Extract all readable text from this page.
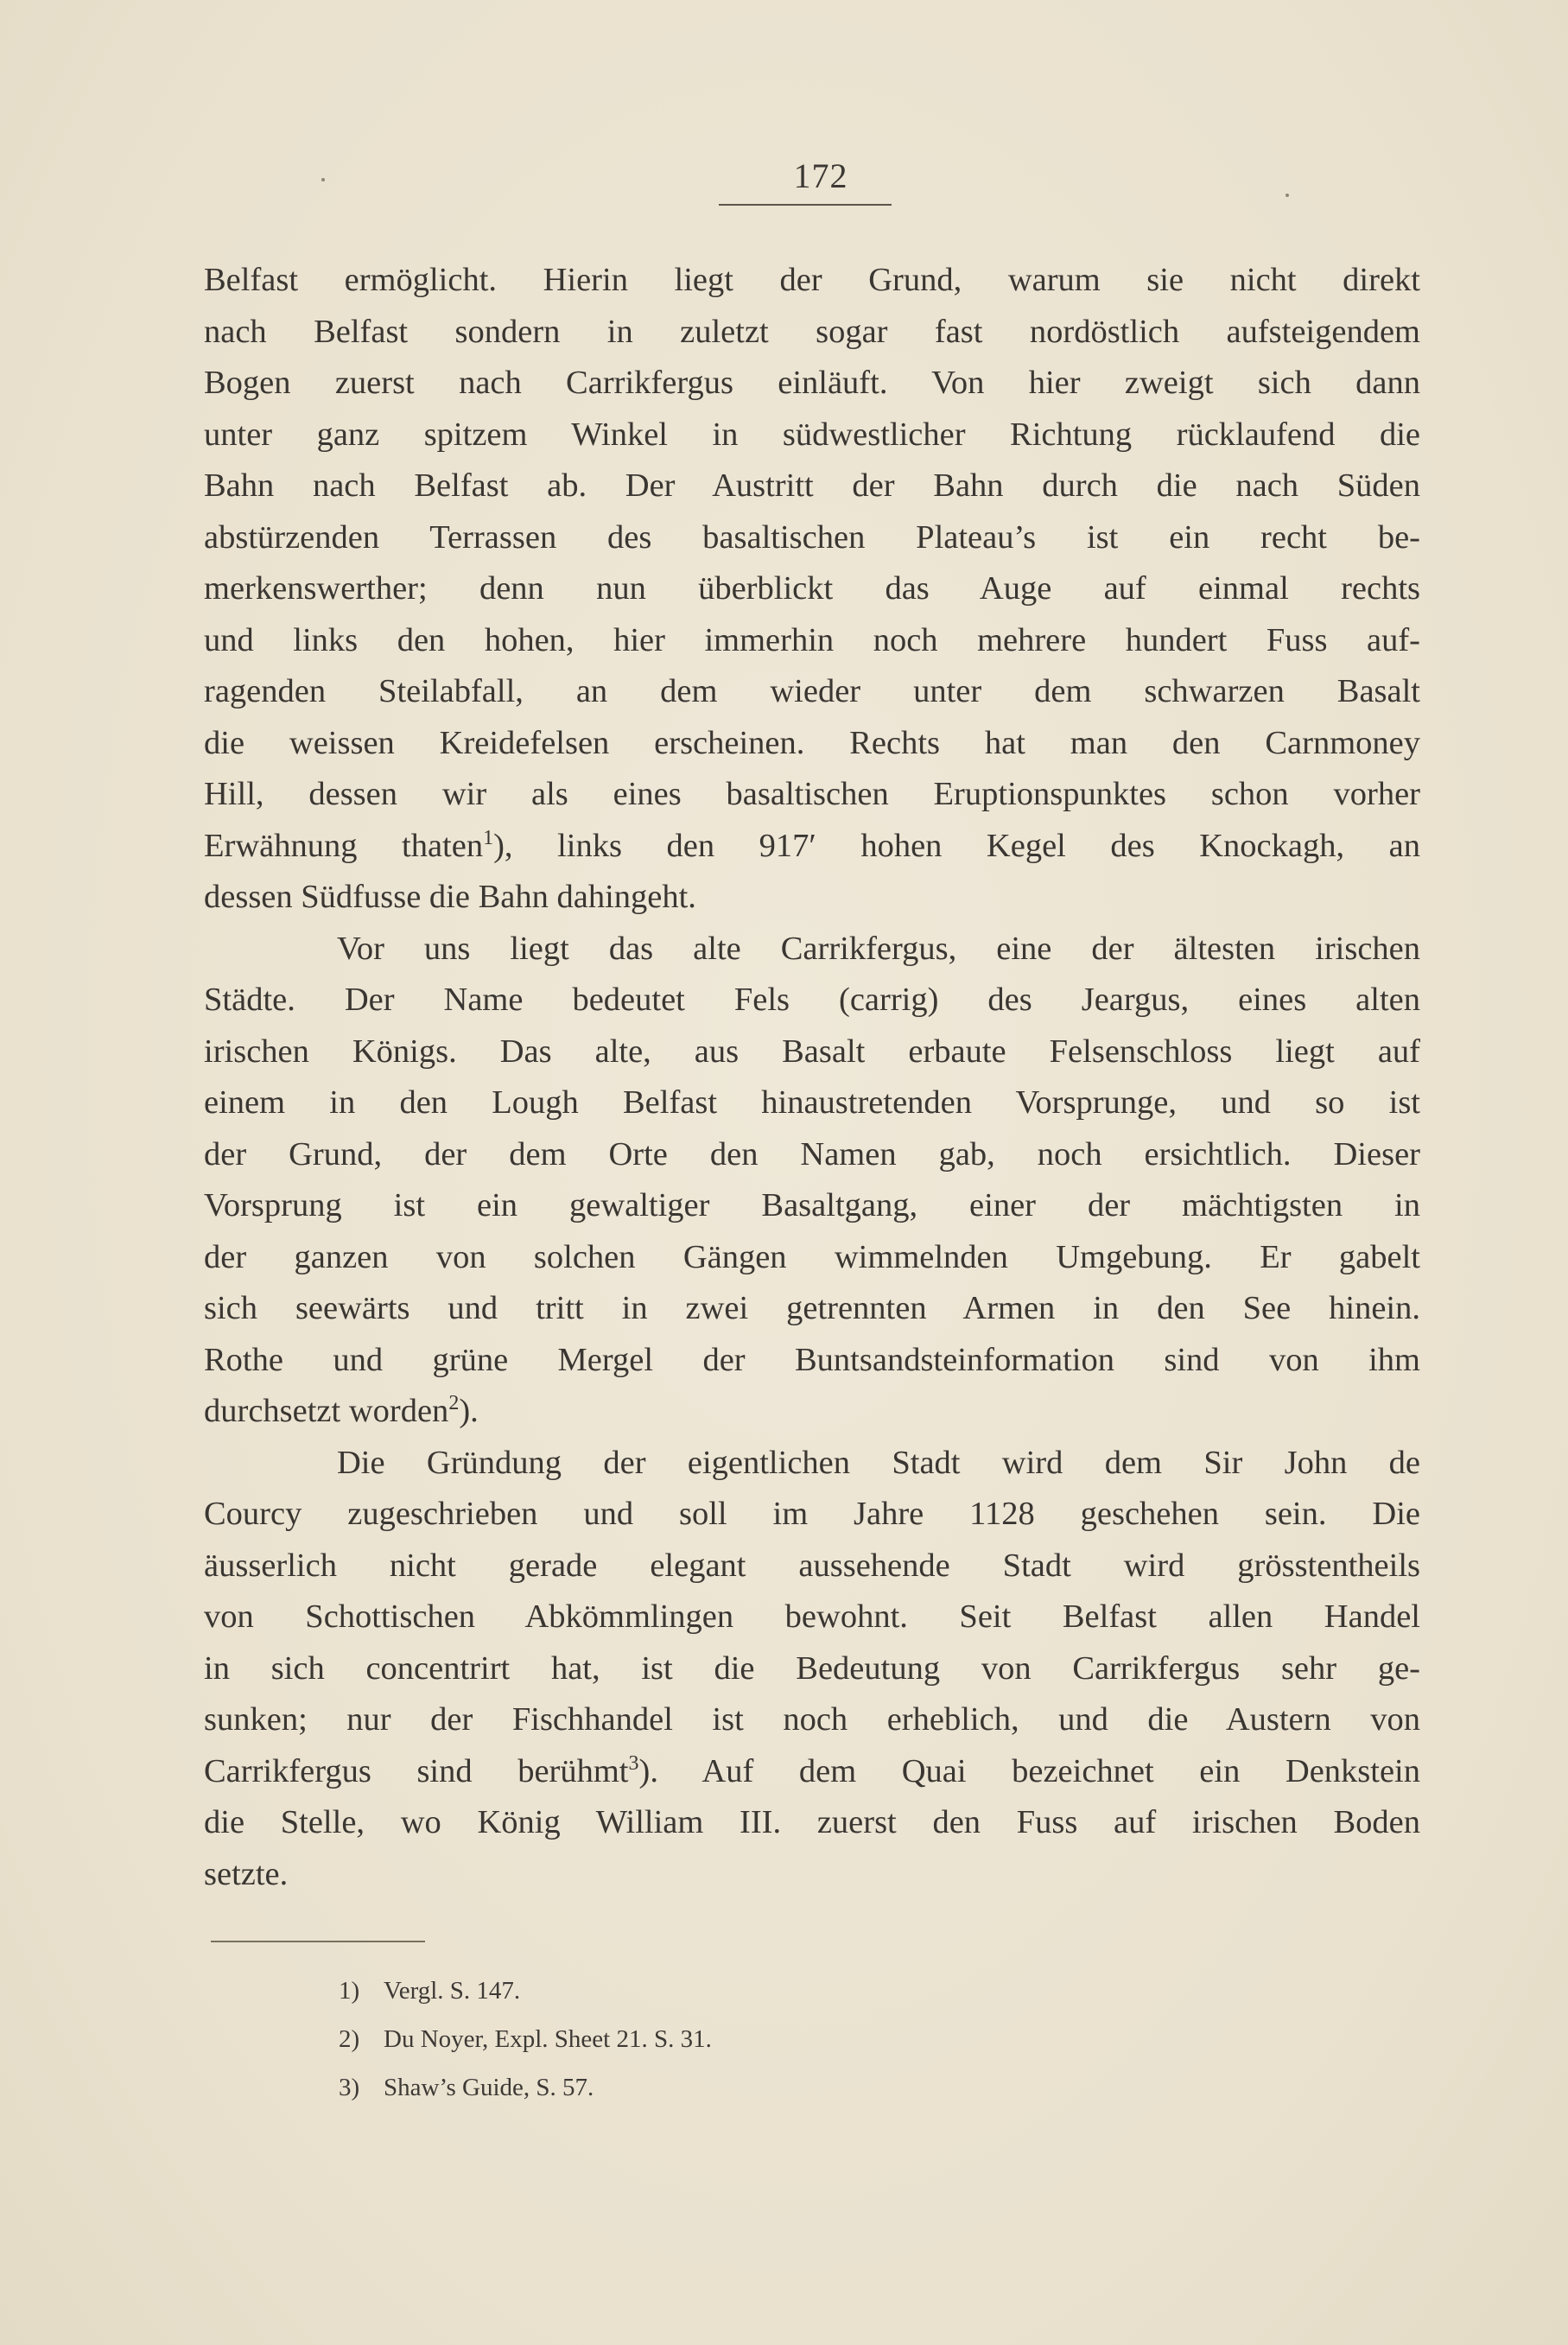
172
Belfast ermöglicht. Hierin liegt der Grund, warum sie nicht direkt
nach Belfast sondern in zuletzt sogar fast nordöstlich aufsteigendem
Bogen zuerst nach Carrikfergus einläuft. Von hier zweigt sich dann
unter ganz spitzem Winkel in südwestlicher Richtung rücklaufend die
Bahn nach Belfast ab. Der Austritt der Bahn durch die nach Süden
abstürzenden Terrassen des basaltischen Plateau’s ist ein recht be-
merkenswerther; denn nun überblickt das Auge auf einmal rechts
und links den hohen, hier immerhin noch mehrere hundert Fuss auf-
ragenden Steilabfall, an dem wieder unter dem schwarzen Basalt
die weissen Kreidefelsen erscheinen. Rechts hat man den Carnmoney
Hill, dessen wir als eines basaltischen Eruptionspunktes schon vorher
Erwähnung thaten$^1$), links den 917′ hohen Kegel des Knockagh, an
dessen Südfusse die Bahn dahingeht.
Vor uns liegt das alte Carrikfergus, eine der ältesten irischen
Städte. Der Name bedeutet Fels (carrig) des Jeargus, eines alten
irischen Königs. Das alte, aus Basalt erbaute Felsenschloss liegt auf
einem in den Lough Belfast hinaustretenden Vorsprunge, und so ist
der Grund, der dem Orte den Namen gab, noch ersichtlich. Dieser
Vorsprung ist ein gewaltiger Basaltgang, einer der mächtigsten in
der ganzen von solchen Gängen wimmelnden Umgebung. Er gabelt
sich seewärts und tritt in zwei getrennten Armen in den See hinein.
Rothe und grüne Mergel der Buntsandsteinformation sind von ihm
durchsetzt worden$^2$).
Die Gründung der eigentlichen Stadt wird dem Sir John de
Courcy zugeschrieben und soll im Jahre 1128 geschehen sein. Die
äusserlich nicht gerade elegant aussehende Stadt wird grösstentheils
von Schottischen Abkömmlingen bewohnt. Seit Belfast allen Handel
in sich concentrirt hat, ist die Bedeutung von Carrikfergus sehr ge-
sunken; nur der Fischhandel ist noch erheblich, und die Austern von
Carrikfergus sind berühmt$^3$). Auf dem Quai bezeichnet ein Denkstein
die Stelle, wo König William III. zuerst den Fuss auf irischen Boden
setzte.
1) Vergl. S. 147.
2) Du Noyer, Expl. Sheet 21. S. 31.
3) Shaw’s Guide, S. 57.
